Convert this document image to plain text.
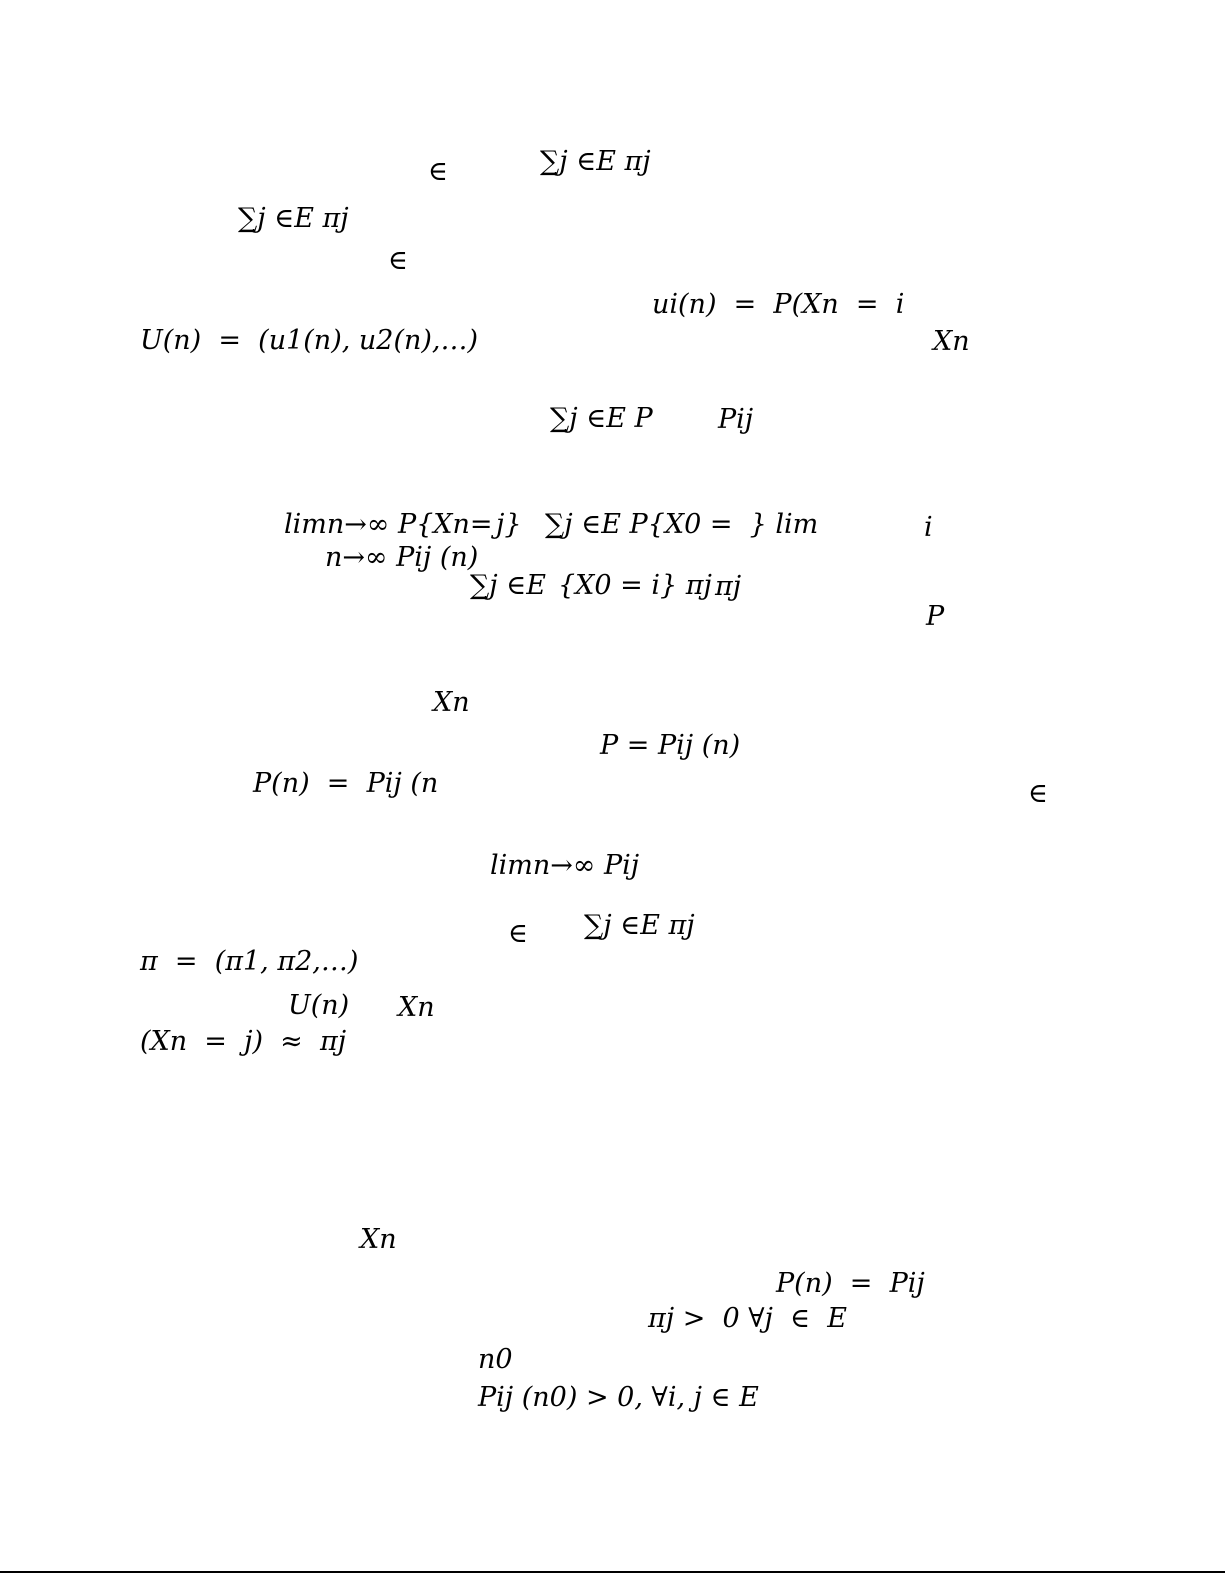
∈	∑j ∈E πj
∑j ∈E πj
∈
ui(n)  =  P(Xn  =  i
U(n)  =  (u1(n), u2(n),…)	Xn
∑j ∈E P Pij
limn→∞ P{Xn= j} ∑j ∈E P{X0 =  } lim	i
n→∞ Pij (n)
∑j ∈E {X0 = i} πj πj
P
Xn
P = Pij (n)
P(n)  =  Pij (n	∈
limn→∞ Pij
∈ ∑j ∈E πj
π  =  (π1, π2,…)
U(n) Xn
(Xn  =  j)  ≈  πj
Xn
P(n)  =  Pij
πj >  0 ∀j  ∈  E
n0
Pij (n0) > 0, ∀i, j ∈ E
